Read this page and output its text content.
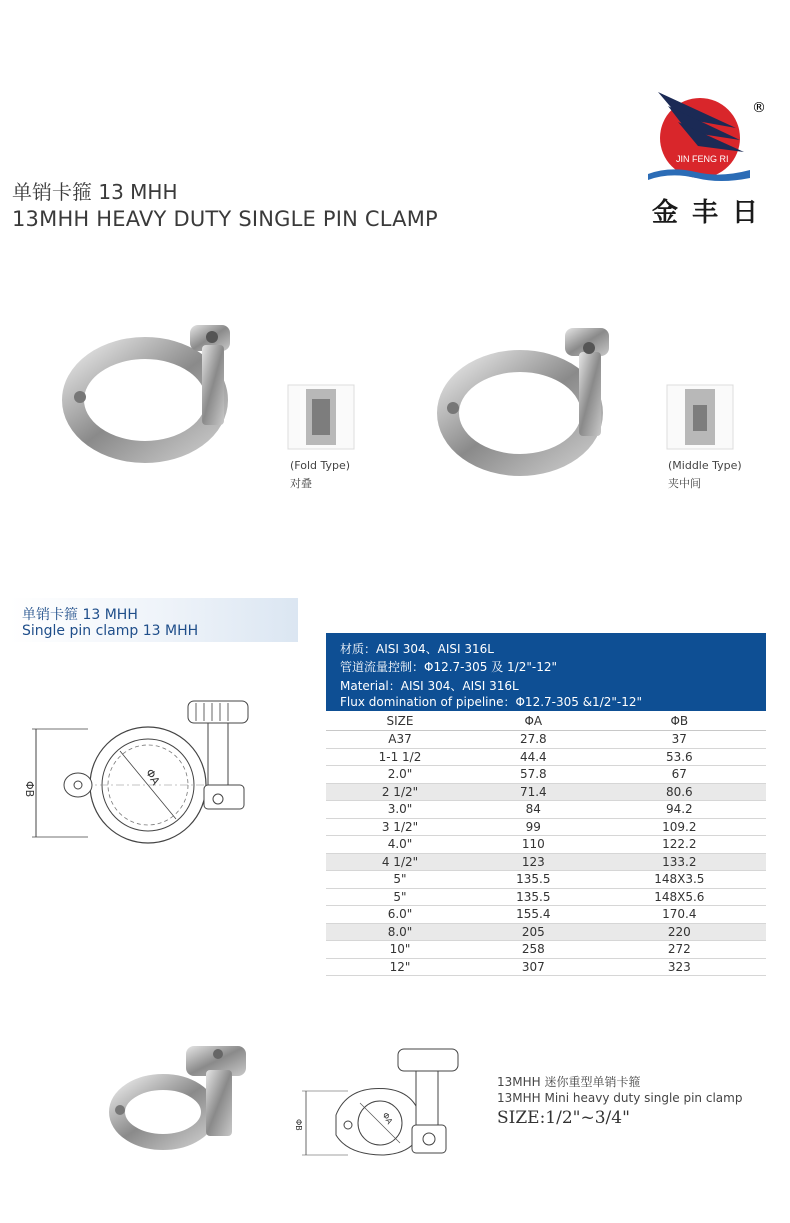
单销卡箍 13 MHH
13MHH HEAVY DUTY SINGLE PIN CLAMP
JIN FENG RI
®
金丰日
(Fold Type)
对叠
(Middle Type)
夹中间
单销卡箍 13 MHH
Single pin clamp 13 MHH
ΦB
ΦA
材质：AISI 304、AISI 316L
管道流量控制：Φ12.7-305 及 1/2"-12"
Material：AISI 304、AISI 316L
Flux domination of pipeline：Φ12.7-305 &1/2"-12"
SIZE	ΦA	ΦB
A37	27.8	37
1-1 1/2	44.4	53.6
2.0"	57.8	67
2 1/2"	71.4	80.6
3.0"	84	94.2
3 1/2"	99	109.2
4.0"	110	122.2
4 1/2"	123	133.2
5"	135.5	148X3.5
5"	135.5	148X5.6
6.0"	155.4	170.4
8.0"	205	220
10"	258	272
12"	307	323
ΦB	ΦA
13MHH 迷你重型单销卡箍
13MHH Mini heavy duty single pin clamp
SIZE:1/2"~3/4"
